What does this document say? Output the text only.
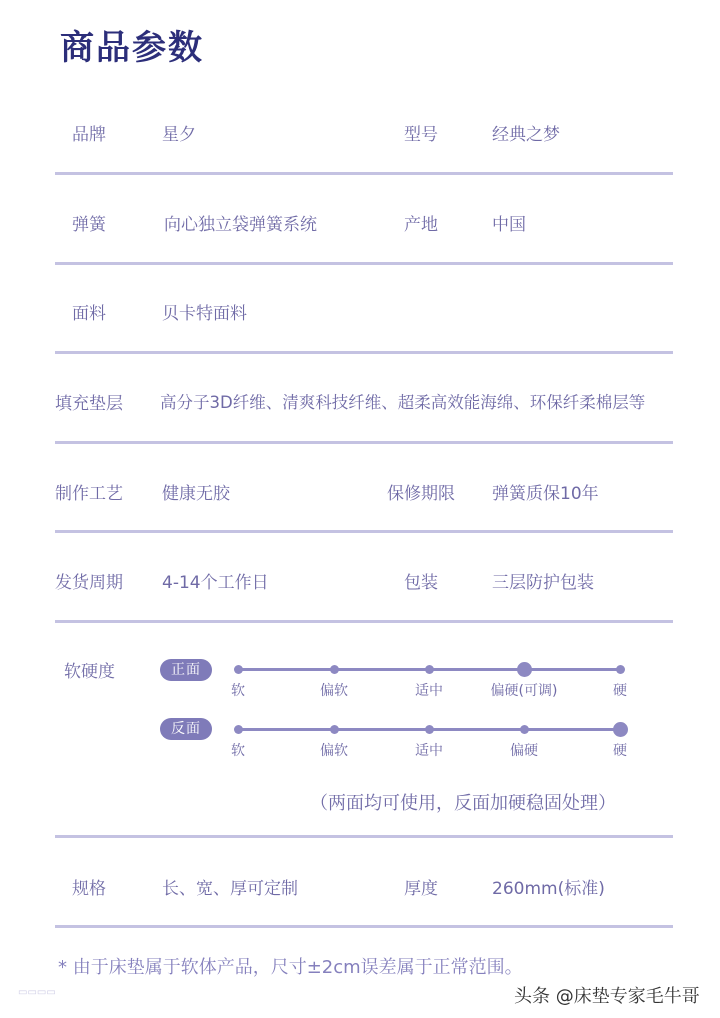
商品参数
品牌	星夕	型号	经典之梦
弹簧	向心独立袋弹簧系统	产地	中国
面料	贝卡特面料
填充垫层 高分子3D纤维、清爽科技纤维、超柔高效能海绵、环保纤柔棉层等
制作工艺 健康无胶	保修期限 弹簧质保10年
发货周期 4-14个工作日	包装	三层防护包装
软硬度	正面
软	偏软	适中	偏硬(可调)	硬
反面
软	偏软	适中	偏硬	硬
（两面均可使用，反面加硬稳固处理）
规格	长、宽、厚可定制	厚度	260mm(标准)
* 由于床垫属于软体产品，尺寸±2cm误差属于正常范围。
▭▭▭▭	头条 @床垫专家毛牛哥
